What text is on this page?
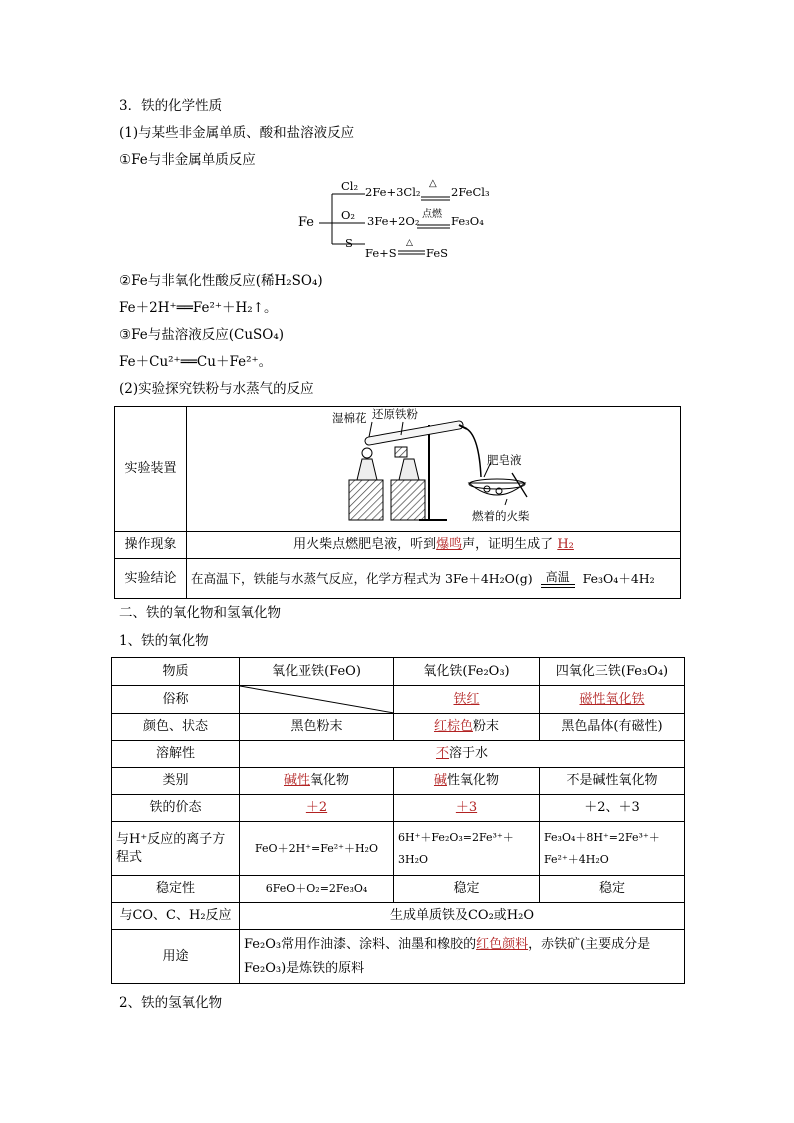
3．铁的化学性质
(1)与某些非金属单质、酸和盐溶液反应
①Fe与非金属单质反应
Fe
Cl₂ 2Fe+3Cl₂
△
2FeCl₃
O₂ 3Fe+2O₂ 点燃 Fe₃O₄
S
Fe+S
△
FeS
②Fe与非氧化性酸反应(稀H₂SO₄)
Fe＋2H⁺══Fe²⁺＋H₂↑。
③Fe与盐溶液反应(CuSO₄)
Fe＋Cu²⁺══Cu＋Fe²⁺。
(2)实验探究铁粉与水蒸气的反应
实验装置	湿棉花 还原铁粉
肥皂液
燃着的火柴

操作现象	用火柴点燃肥皂液，听到爆鸣声，证明生成了 H₂
实验结论	在高温下，铁能与水蒸气反应，化学方程式为 3Fe＋4H₂O(g) 高温 Fe₃O₄＋4H₂
二、铁的氧化物和氢氧化物
1、铁的氧化物
物质	氧化亚铁(FeO)	氧化铁(Fe₂O₃)	四氧化三铁(Fe₃O₄)
俗称		铁红	磁性氧化铁
颜色、状态	黑色粉末	红棕色粉末	黑色晶体(有磁性)
溶解性	不溶于水		
类别	碱性氧化物	碱性氧化物	不是碱性氧化物
铁的价态	＋2	＋3	＋2、＋3
与H⁺反应的离子方程式	FeO＋2H⁺=Fe²⁺＋H₂O	6H⁺＋Fe₂O₃=2Fe³⁺＋3H₂O	Fe₃O₄＋8H⁺=2Fe³⁺＋Fe²⁺＋4H₂O
稳定性	6FeO＋O₂=2Fe₃O₄	稳定	稳定
与CO、C、H₂反应	生成单质铁及CO₂或H₂O		
用途	Fe₂O₃常用作油漆、涂料、油墨和橡胶的红色颜料，赤铁矿(主要成分是Fe₂O₃)是炼铁的原料		
2、铁的氢氧化物
